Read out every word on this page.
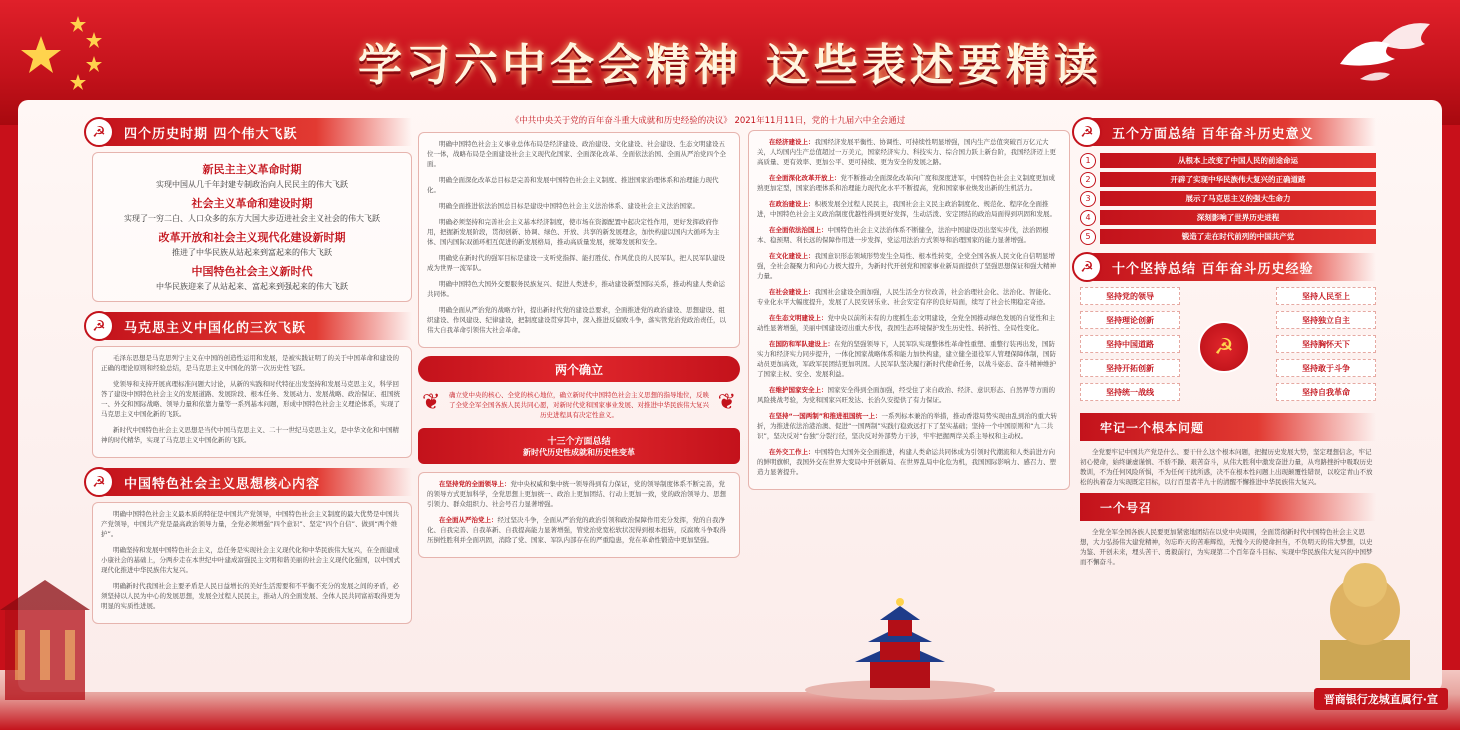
学习六中全会精神 这些表述要精读
☭	四个历史时期 四个伟大飞跃
新民主主义革命时期
实现中国从几千年封建专制政治向人民民主的伟大飞跃
社会主义革命和建设时期
实现了一穷二白、人口众多的东方大国大步迈进社会主义社会的伟大飞跃
改革开放和社会主义现代化建设新时期
推进了中华民族从站起来到富起来的伟大飞跃
中国特色社会主义新时代
中华民族迎来了从站起来、富起来到强起来的伟大飞跃
☭	马克思主义中国化的三次飞跃

毛泽东思想是马克思列宁主义在中国的创造性运用和发展，是被实践证明了的关于中国革命和建设的正确的理论原则和经验总结，是马克思主义中国化的第一次历史性飞跃。

党领导和支持开展真理标准问题大讨论，从新的实践和时代特征出发坚持和发展马克思主义，科学回答了建设中国特色社会主义的发展道路、发展阶段、根本任务、发展动力、发展战略、政治保证、祖国统一、外交和国际战略、领导力量和依靠力量等一系列基本问题，形成中国特色社会主义理论体系，实现了马克思主义中国化新的飞跃。

新时代中国特色社会主义思想是当代中国马克思主义、二十一世纪马克思主义，是中华文化和中国精神的时代精华，实现了马克思主义中国化新的飞跃。

☭	中国特色社会主义思想核心内容

明确中国特色社会主义最本质的特征是中国共产党领导，中国特色社会主义制度的最大优势是中国共产党领导，中国共产党是最高政治领导力量，全党必须增强“四个意识”、坚定“四个自信”、做到“两个维护”。

明确坚持和发展中国特色社会主义，总任务是实现社会主义现代化和中华民族伟大复兴，在全面建成小康社会的基础上，分两步走在本世纪中叶建成富强民主文明和谐美丽的社会主义现代化强国，以中国式现代化推进中华民族伟大复兴。

明确新时代我国社会主要矛盾是人民日益增长的美好生活需要和不平衡不充分的发展之间的矛盾，必须坚持以人民为中心的发展思想，发展全过程人民民主，推动人的全面发展、全体人民共同富裕取得更为明显的实质性进展。

《中共中央关于党的百年奋斗重大成就和历史经验的决议》 2021年11月11日，党的十九届六中全会通过

明确中国特色社会主义事业总体布局是经济建设、政治建设、文化建设、社会建设、生态文明建设五位一体，战略布局是全面建设社会主义现代化国家、全面深化改革、全面依法治国、全面从严治党四个全面。

明确全面深化改革总目标是完善和发展中国特色社会主义制度、推进国家治理体系和治理能力现代化。

明确全面推进依法治国总目标是建设中国特色社会主义法治体系、建设社会主义法治国家。

明确必须坚持和完善社会主义基本经济制度，使市场在资源配置中起决定性作用，更好发挥政府作用，把握新发展阶段，贯彻创新、协调、绿色、开放、共享的新发展理念，加快构建以国内大循环为主体、国内国际双循环相互促进的新发展格局，推动高质量发展，统筹发展和安全。

明确党在新时代的强军目标是建设一支听党指挥、能打胜仗、作风优良的人民军队，把人民军队建设成为世界一流军队。

明确中国特色大国外交要服务民族复兴、促进人类进步，推动建设新型国际关系，推动构建人类命运共同体。

明确全面从严治党的战略方针，提出新时代党的建设总要求，全面推进党的政治建设、思想建设、组织建设、作风建设、纪律建设，把制度建设贯穿其中，深入推进反腐败斗争，落实管党治党政治责任，以伟大自我革命引领伟大社会革命。

两个确立
❦	❦

确立党中央的核心、全党的核心地位，确立新时代中国特色社会主义思想的指导地位，反映了全党全军全国各族人民共同心愿，对新时代党和国家事业发展、对推进中华民族伟大复兴历史进程具有决定性意义。

十三个方面总结
新时代历史性成就和历史性变革

在坚持党的全面领导上：党中央权威和集中统一领导得到有力保证，党的领导制度体系不断完善，党的领导方式更加科学，全党思想上更加统一、政治上更加团结、行动上更加一致，党的政治领导力、思想引领力、群众组织力、社会号召力显著增强。

在全面从严治党上：经过坚决斗争，全面从严治党的政治引领和政治保障作用充分发挥，党的自我净化、自我完善、自我革新、自我提高能力显著增强，管党治党宽松软状况得到根本扭转，反腐败斗争取得压倒性胜利并全面巩固，消除了党、国家、军队内部存在的严重隐患，党在革命性锻造中更加坚强。

在经济建设上：我国经济发展平衡性、协调性、可持续性明显增强，国内生产总值突破百万亿元大关，人均国内生产总值超过一万美元，国家经济实力、科技实力、综合国力跃上新台阶，我国经济迈上更高质量、更有效率、更加公平、更可持续、更为安全的发展之路。

在全面深化改革开放上：党不断推动全面深化改革向广度和深度进军，中国特色社会主义制度更加成熟更加定型，国家治理体系和治理能力现代化水平不断提高，党和国家事业焕发出新的生机活力。

在政治建设上：积极发展全过程人民民主，我国社会主义民主政治制度化、规范化、程序化全面推进，中国特色社会主义政治制度优越性得到更好发挥，生动活泼、安定团结的政治局面得到巩固和发展。

在全面依法治国上：中国特色社会主义法治体系不断健全，法治中国建设迈出坚实步伐，法治固根本、稳预期、利长远的保障作用进一步发挥，党运用法治方式领导和治理国家的能力显著增强。

在文化建设上：我国意识形态领域形势发生全局性、根本性转变，全党全国各族人民文化自信明显增强，全社会凝聚力和向心力极大提升，为新时代开创党和国家事业新局面提供了坚强思想保证和强大精神力量。

在社会建设上：我国社会建设全面加强，人民生活全方位改善，社会治理社会化、法治化、智能化、专业化水平大幅度提升，发展了人民安居乐业、社会安定有序的良好局面，续写了社会长期稳定奇迹。

在生态文明建设上：党中央以前所未有的力度抓生态文明建设，全党全国推动绿色发展的自觉性和主动性显著增强，美丽中国建设迈出重大步伐，我国生态环境保护发生历史性、转折性、全局性变化。

在国防和军队建设上：在党的坚强领导下，人民军队实现整体性革命性重塑、重整行装再出发，国防实力和经济实力同步提升，一体化国家战略体系和能力加快构建，建立健全退役军人管理保障体制，国防动员更加高效，军政军民团结更加巩固。人民军队坚决履行新时代使命任务，以战斗姿态、奋斗精神维护了国家主权、安全、发展利益。

在维护国家安全上：国家安全得到全面加强，经受住了来自政治、经济、意识形态、自然界等方面的风险挑战考验，为党和国家兴旺发达、长治久安提供了有力保证。

在坚持“一国两制”和推进祖国统一上：一系列标本兼治的举措，推动香港局势实现由乱到治的重大转折，为推进依法治港治澳、促进“一国两制”实践行稳致远打下了坚实基础；坚持一个中国原则和“九二共识”，坚决反对“台独”分裂行径，坚决反对外部势力干涉，牢牢把握两岸关系主导权和主动权。

在外交工作上：中国特色大国外交全面推进，构建人类命运共同体成为引领时代潮流和人类前进方向的鲜明旗帜，我国外交在世界大变局中开创新局、在世界乱局中化危为机，我国国际影响力、感召力、塑造力显著提升。

☭	五个方面总结 百年奋斗历史意义
1	从根本上改变了中国人民的前途命运
2	开辟了实现中华民族伟大复兴的正确道路
3	展示了马克思主义的强大生命力
4	深刻影响了世界历史进程
5	锻造了走在时代前列的中国共产党
☭	十个坚持总结 百年奋斗历史经验
坚持党的领导
坚持理论创新
坚持中国道路
坚持开拓创新
坚持统一战线
☭
坚持人民至上
坚持独立自主
坚持胸怀天下
坚持敢于斗争
坚持自我革命
牢记一个根本问题

全党要牢记中国共产党是什么、要干什么这个根本问题，把握历史发展大势，坚定理想信念，牢记初心使命，始终谦虚谨慎、不骄不躁、艰苦奋斗，从伟大胜利中激发奋进力量，从弯路挫折中吸取历史教训，不为任何风险所惧，不为任何干扰所惑，决不在根本性问题上出现颠覆性错误，以咬定青山不放松的执着奋力实现既定目标，以行百里者半九十的清醒不懈推进中华民族伟大复兴。

一个号召

全党全军全国各族人民要更加紧密地团结在以党中央周围，全面贯彻新时代中国特色社会主义思想，大力弘扬伟大建党精神，勿忘昨天的苦难辉煌，无愧今天的使命担当，不负明天的伟大梦想，以史为鉴、开创未来，埋头苦干、勇毅前行，为实现第二个百年奋斗目标、实现中华民族伟大复兴的中国梦而不懈奋斗。

晋商银行龙城直属行·宣
